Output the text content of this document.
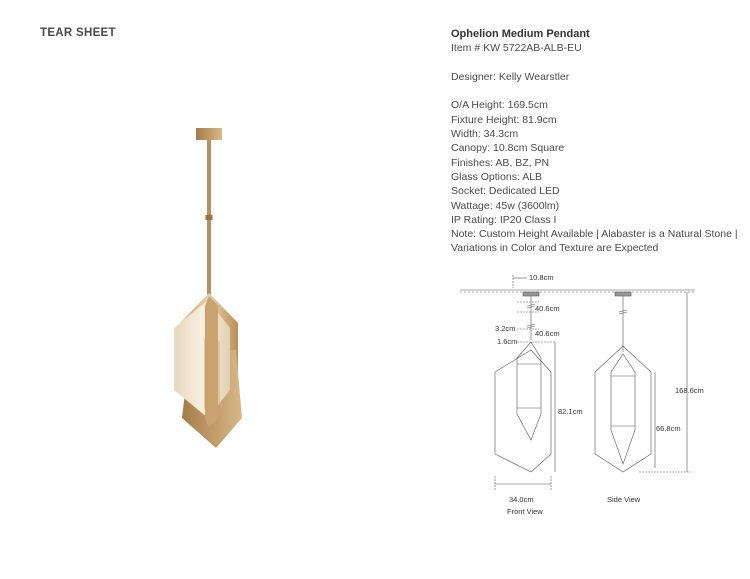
TEAR SHEET	Ophelion Medium Pendant
Item # KW 5722AB-ALB-EU
Designer: Kelly Wearstler
O/A Height: 169.5cm
Fixture Height: 81.9cm
Width: 34.3cm
Canopy: 10.8cm Square
Finishes: AB, BZ, PN
Glass Options: ALB
Socket: Dedicated LED
Wattage: 45w (3600lm)
IP Rating: IP20 Class I
Note: Custom Height Available | Alabaster is a Natural Stone | Variations in Color and Texture are Expected
10.8cm
40.6cm
40.6cm
3.2cm
1.6cm
82.1cm
168.6cm
66.8cm
34.0cm
Front View
Side View
